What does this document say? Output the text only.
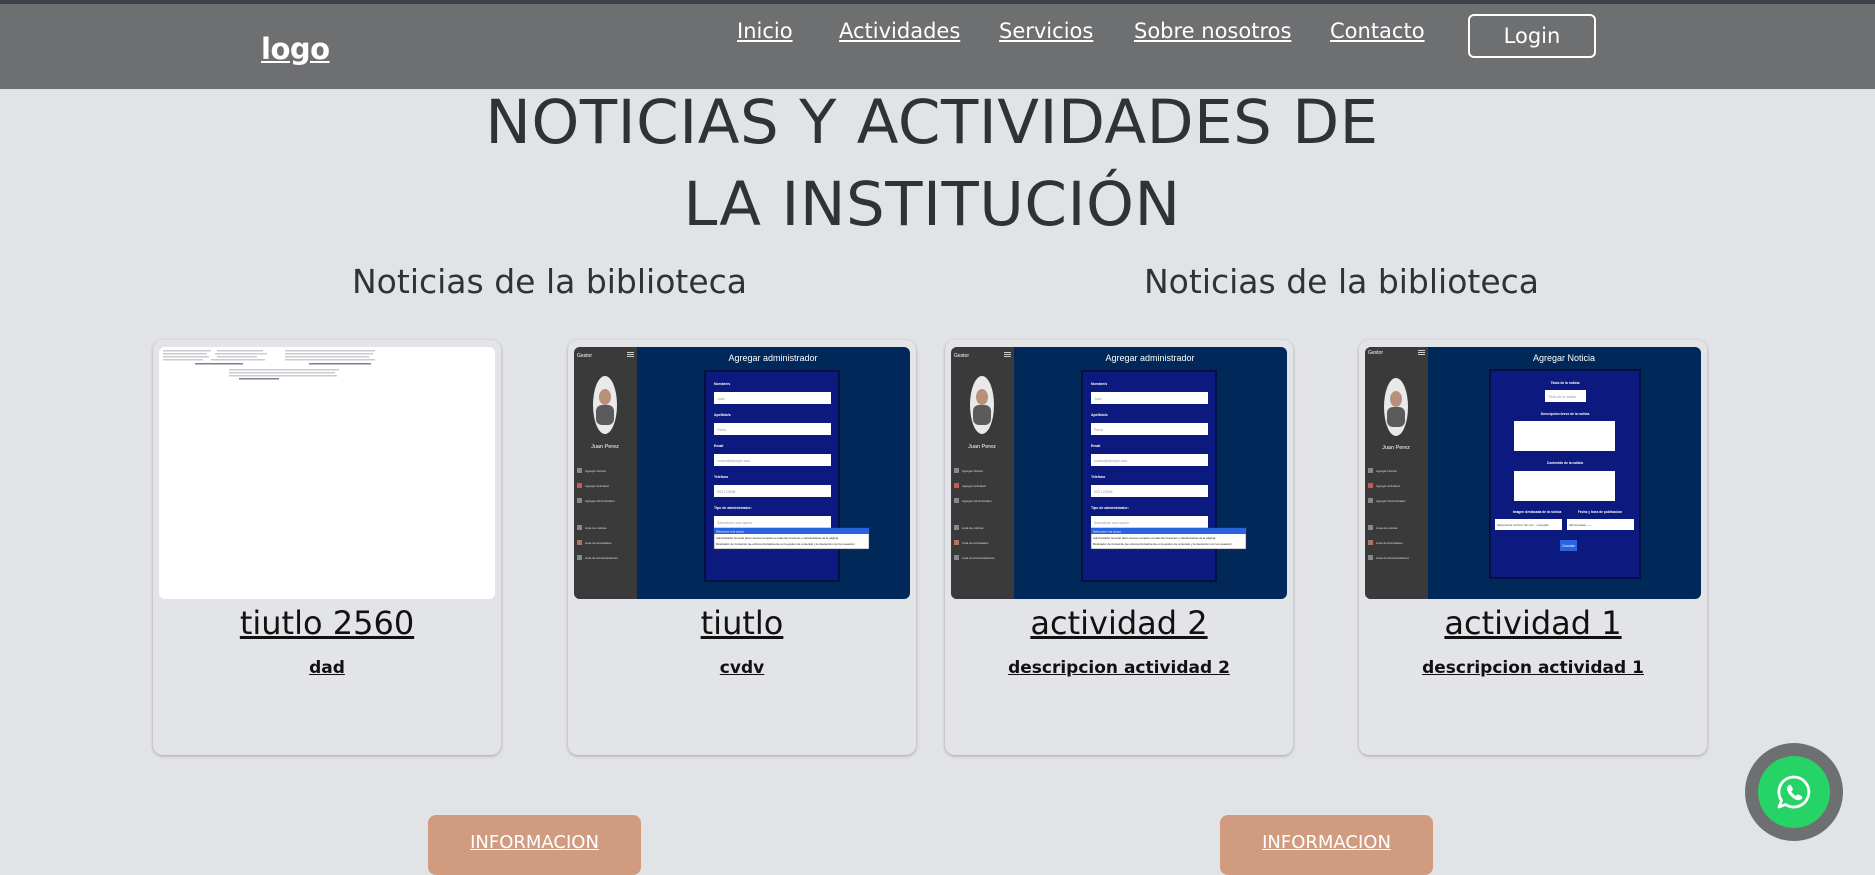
logo
Inicio Actividades Servicios Sobre nosotros Contacto	Login
NOTICIAS Y ACTIVIDADES DE
LA INSTITUCIÓN
Noticias de la biblioteca	Noticias de la biblioteca
tiutlo 2560
dad
Gestor
Juan Perez
Agregar Noticia
Agregar Actividad
Agregar Administrador
Lista de noticias
Lista de Actividades
Lista de Administradores
Agregar administrador
Nombre/s
Apellido/s
Email
Telefono
Tipo de administrador:
Juan
Perez
correo@ejemplo.com
000 123456
Seleccione una opcion
Seleccione una opcion
Administrador General (tiene acceso completo a todas las funciones y caracteristicas de la pagina)
Moderador de Contenido (se enfoca principalmente en la gestion de contenido y la interaccion con los usuarios)
tiutlo
cvdv
Gestor
Juan Perez
Agregar Noticia
Agregar Actividad
Agregar Administrador
Lista de noticias
Lista de Actividades
Lista de Administradores
Agregar administrador
Nombre/s
Apellido/s
Email
Telefono
Tipo de administrador:
Juan
Perez
correo@ejemplo.com
000 123456
Seleccione una opcion
Seleccione una opcion
Administrador General (tiene acceso completo a todas las funciones y caracteristicas de la pagina)
Moderador de Contenido (se enfoca principalmente en la gestion de contenido y la interaccion con los usuarios)
actividad 2
descripcion actividad 2
Gestor
Juan Perez
Agregar Noticia
Agregar Actividad
Agregar Administrador
Lista de noticias
Lista de Actividades
Lista de Administradores
Agregar Noticia
Titulo de la noticia
Descripcion breve de la noticia
Contenido de la noticia
Imagen destacada de la noticia	Fecha y hora de publicacion
Titulo de la noticia
Seleccionar archivo Sin arc... escogido	dd/mm/aaaa --:--
Guardar
actividad 1
descripcion actividad 1
INFORMACION	INFORMACION
